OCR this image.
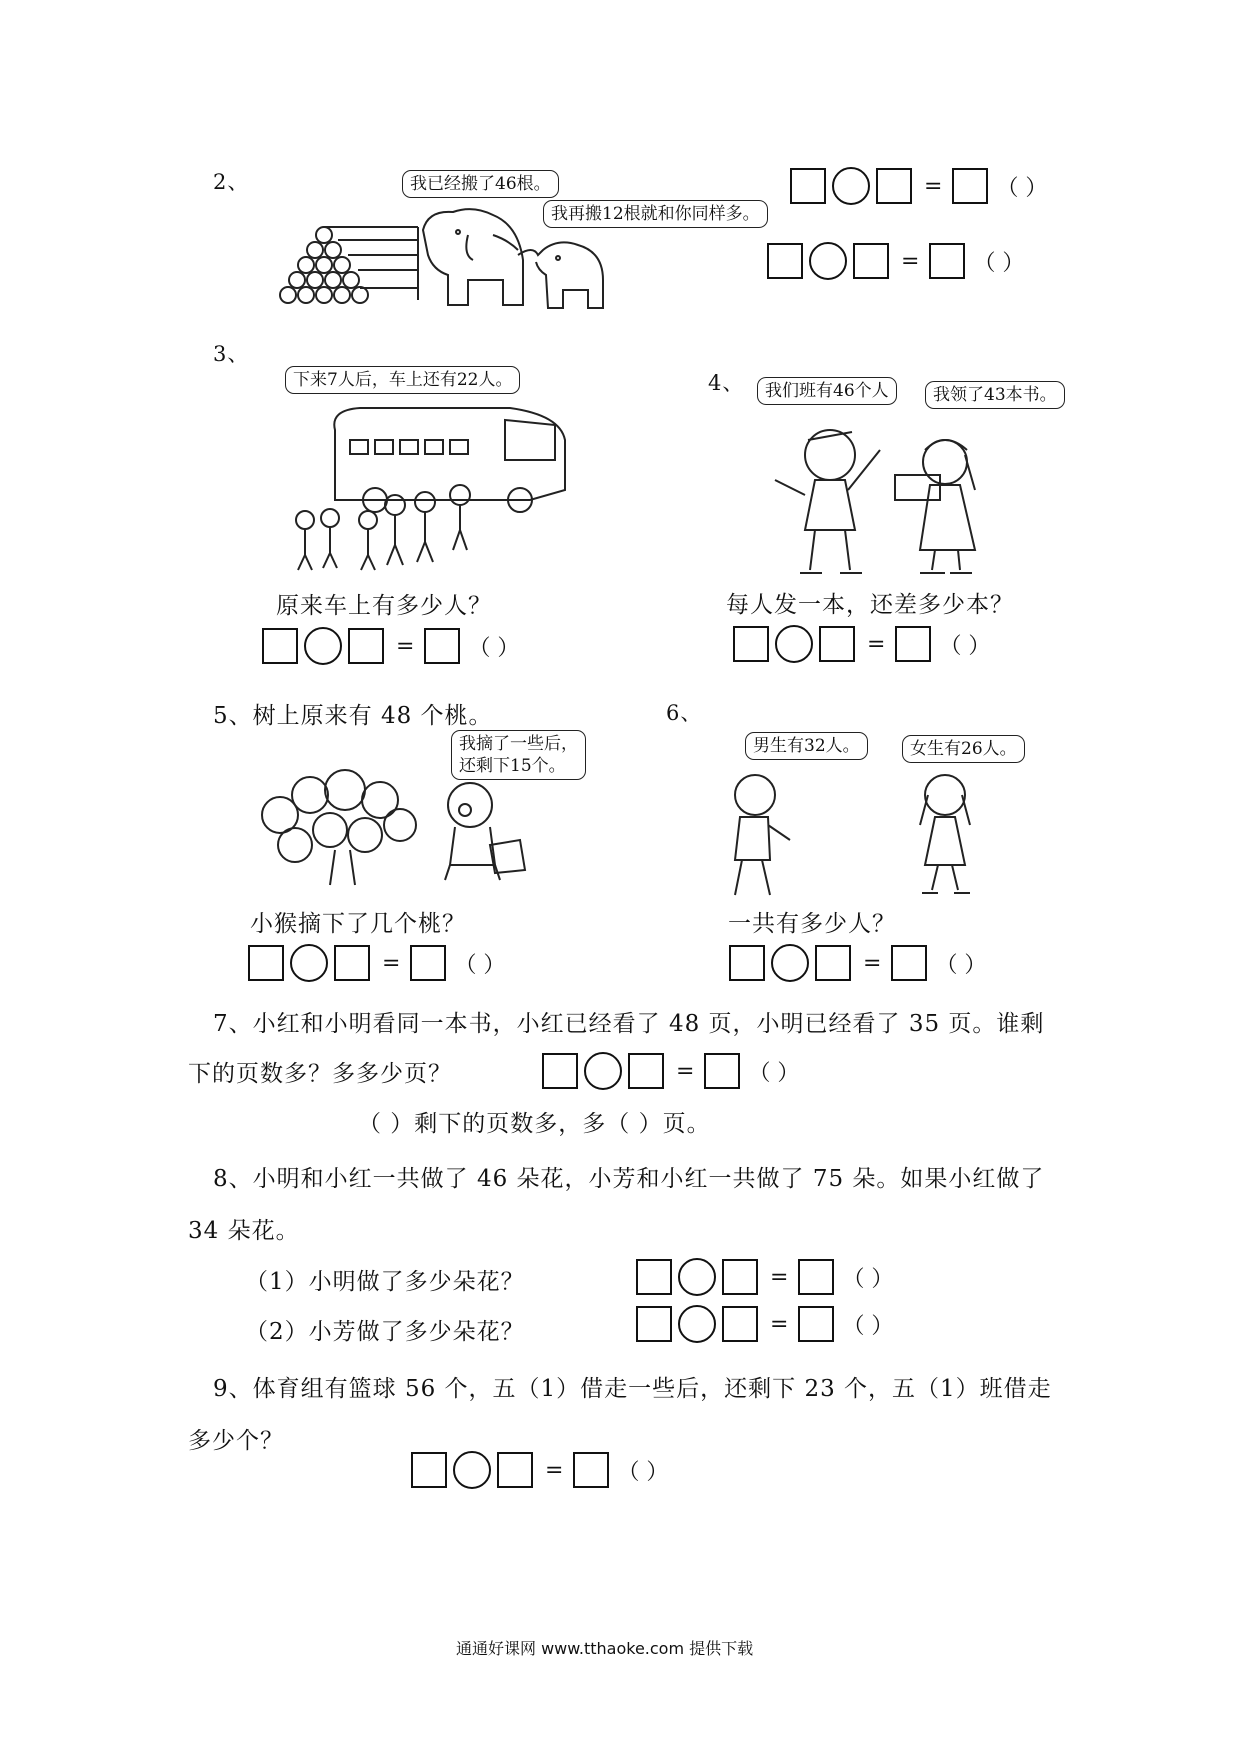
2、	我已经搬了46根。
我再搬12根就和你同样多。
= （ ）
= （ ）
3、
下来7人后，车上还有22人。
原来车上有多少人？
= （ ）
4、	我们班有46个人	我领了43本书。
每人发一本，还差多少本？
= （ ）
5、树上原来有 48 个桃。
我摘了一些后，
还剩下15个。
小猴摘下了几个桃？
= （ ）
6、
男生有32人。	女生有26人。
一共有多少人？
= （ ）
7、小红和小明看同一本书，小红已经看了 48 页，小明已经看了 35 页。谁剩
下的页数多？多多少页？	= （ ）
（ ）剩下的页数多，多（ ）页。
8、小明和小红一共做了 46 朵花，小芳和小红一共做了 75 朵。如果小红做了
34 朵花。
（1）小明做了多少朵花？	= （ ）
（2）小芳做了多少朵花？	= （ ）
9、体育组有篮球 56 个，五（1）借走一些后，还剩下 23 个，五（1）班借走
多少个？
= （ ）
通通好课网 www.tthaoke.com 提供下载
